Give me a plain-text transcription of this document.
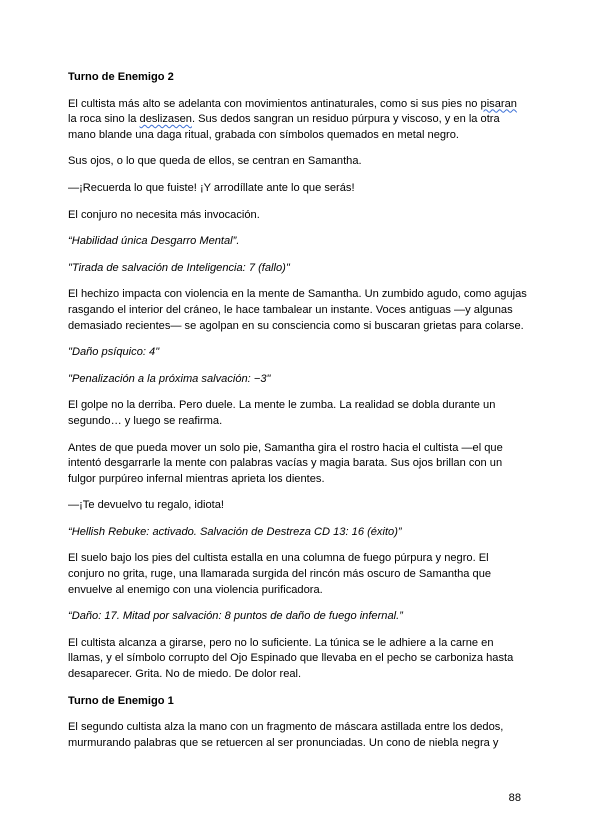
Turno de Enemigo 2

El cultista más alto se adelanta con movimientos antinaturales, como si sus pies no pisaran la roca sino la deslizasen. Sus dedos sangran un residuo púrpura y viscoso, y en la otra mano blande una daga ritual, grabada con símbolos quemados en metal negro.

Sus ojos, o lo que queda de ellos, se centran en Samantha.

—¡Recuerda lo que fuiste! ¡Y arrodíllate ante lo que serás!

El conjuro no necesita más invocación.

“Habilidad única Desgarro Mental”.

"Tirada de salvación de Inteligencia: 7 (fallo)"

El hechizo impacta con violencia en la mente de Samantha. Un zumbido agudo, como agujas rasgando el interior del cráneo, le hace tambalear un instante. Voces antiguas —y algunas demasiado recientes— se agolpan en su consciencia como si buscaran grietas para colarse.

"Daño psíquico: 4"

"Penalización a la próxima salvación: −3"

El golpe no la derriba. Pero duele. La mente le zumba. La realidad se dobla durante un segundo… y luego se reafirma.

Antes de que pueda mover un solo pie, Samantha gira el rostro hacia el cultista —el que intentó desgarrarle la mente con palabras vacías y magia barata. Sus ojos brillan con un fulgor purpúreo infernal mientras aprieta los dientes.

—¡Te devuelvo tu regalo, idiota!

“Hellish Rebuke: activado. Salvación de Destreza CD 13: 16 (éxito)”

El suelo bajo los pies del cultista estalla en una columna de fuego púrpura y negro. El conjuro no grita, ruge, una llamarada surgida del rincón más oscuro de Samantha que envuelve al enemigo con una violencia purificadora.

“Daño: 17. Mitad por salvación: 8 puntos de daño de fuego infernal.”

El cultista alcanza a girarse, pero no lo suficiente. La túnica se le adhiere a la carne en llamas, y el símbolo corrupto del Ojo Espinado que llevaba en el pecho se carboniza hasta desaparecer. Grita. No de miedo. De dolor real.

Turno de Enemigo 1

El segundo cultista alza la mano con un fragmento de máscara astillada entre los dedos, murmurando palabras que se retuercen al ser pronunciadas. Un cono de niebla negra y

88
